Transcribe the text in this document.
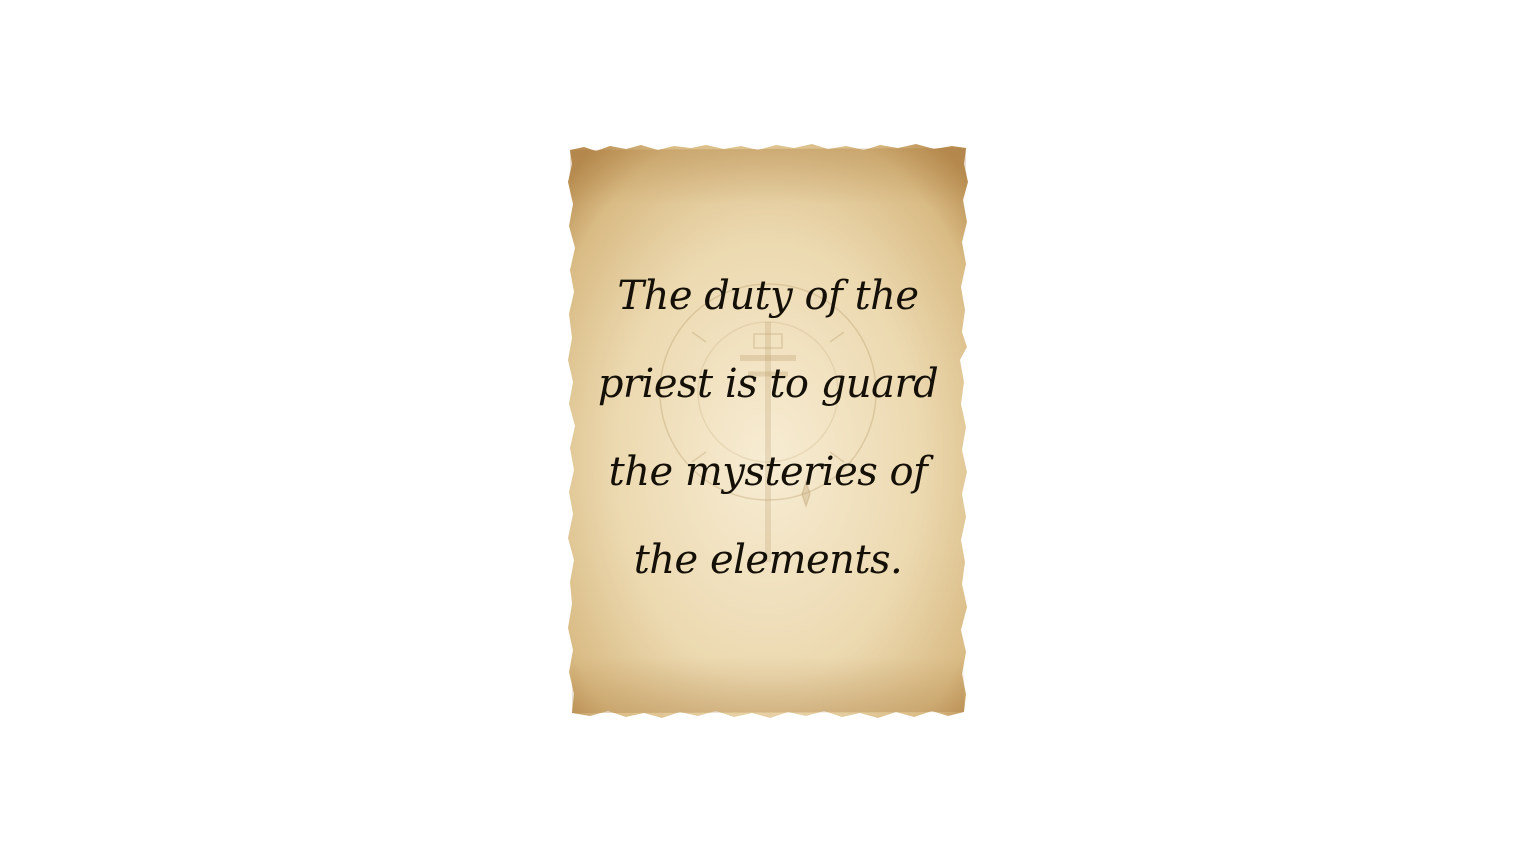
The duty of the
priest is to guard
the mysteries of
the elements.
